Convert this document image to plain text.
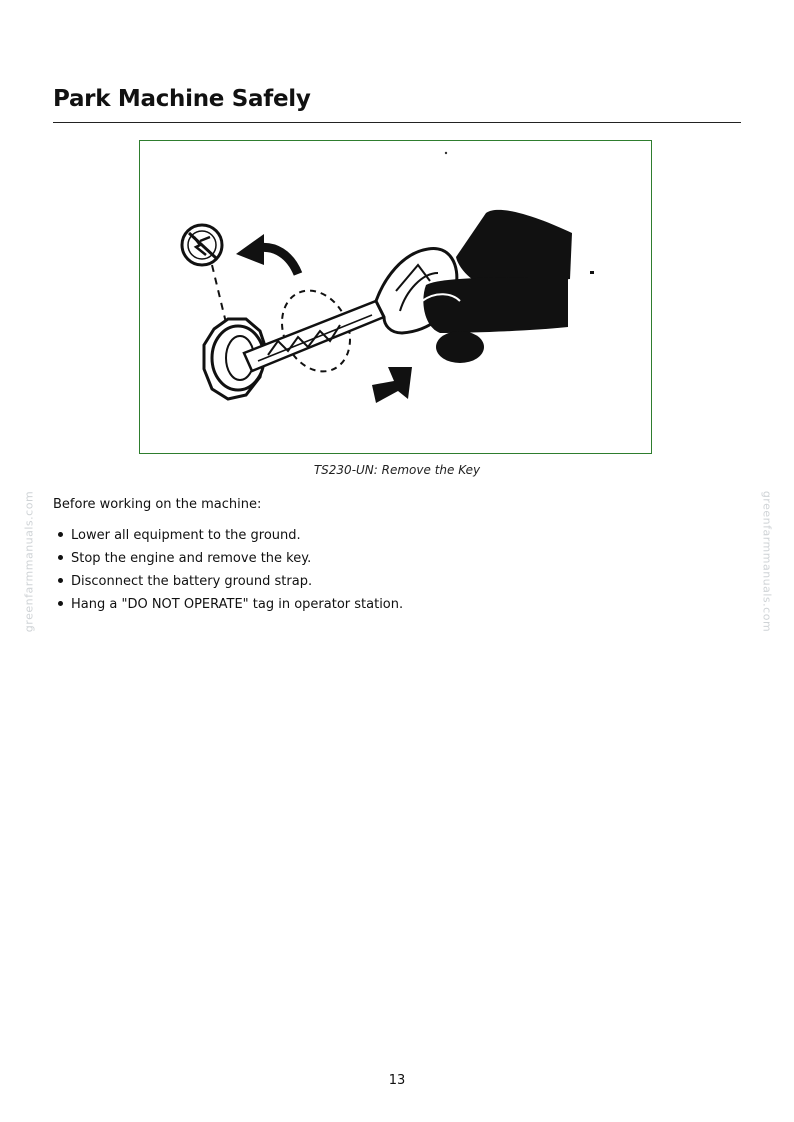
Park Machine Safely
TS230-UN: Remove the Key
Before working on the machine:
Lower all equipment to the ground.
Stop the engine and remove the key.
Disconnect the battery ground strap.
Hang a "DO NOT OPERATE" tag in operator station.
greenfarmmanuals.com	greenfarmmanuals.com
13
